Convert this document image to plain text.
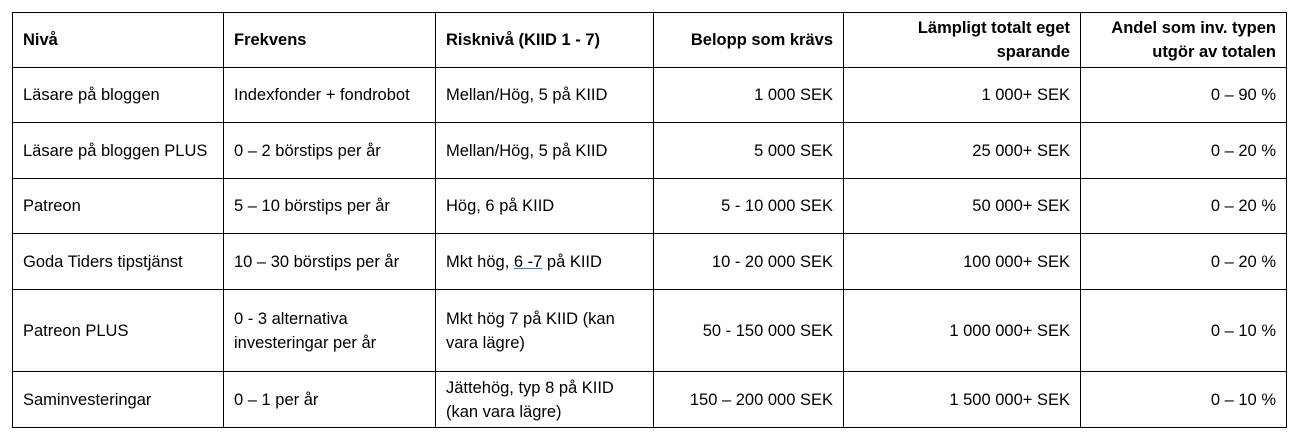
Nivå	Frekvens	Risknivå (KIID 1 - 7)	Belopp som krävs	Lämpligt totalt eget sparande	Andel som inv. typen utgör av totalen
Läsare på bloggen	Indexfonder + fondrobot	Mellan/Hög, 5 på KIID	1 000 SEK	1 000+ SEK	0 – 90 %
Läsare på bloggen PLUS	0 – 2 börstips per år	Mellan/Hög, 5 på KIID	5 000 SEK	25 000+ SEK	0 – 20 %
Patreon	5 – 10 börstips per år	Hög, 6 på KIID	5 - 10 000 SEK	50 000+ SEK	0 – 20 %
Goda Tiders tipstjänst	10 – 30 börstips per år	Mkt hög, 6 -7 på KIID	10 - 20 000 SEK	100 000+ SEK	0 – 20 %
Patreon PLUS	0 - 3 alternativa investeringar per år	Mkt hög 7 på KIID (kan vara lägre)	50 - 150 000 SEK	1 000 000+ SEK	0 – 10 %
Saminvesteringar	0 – 1 per år	Jättehög, typ 8 på KIID (kan vara lägre)	150 – 200 000 SEK	1 500 000+ SEK	0 – 10 %
